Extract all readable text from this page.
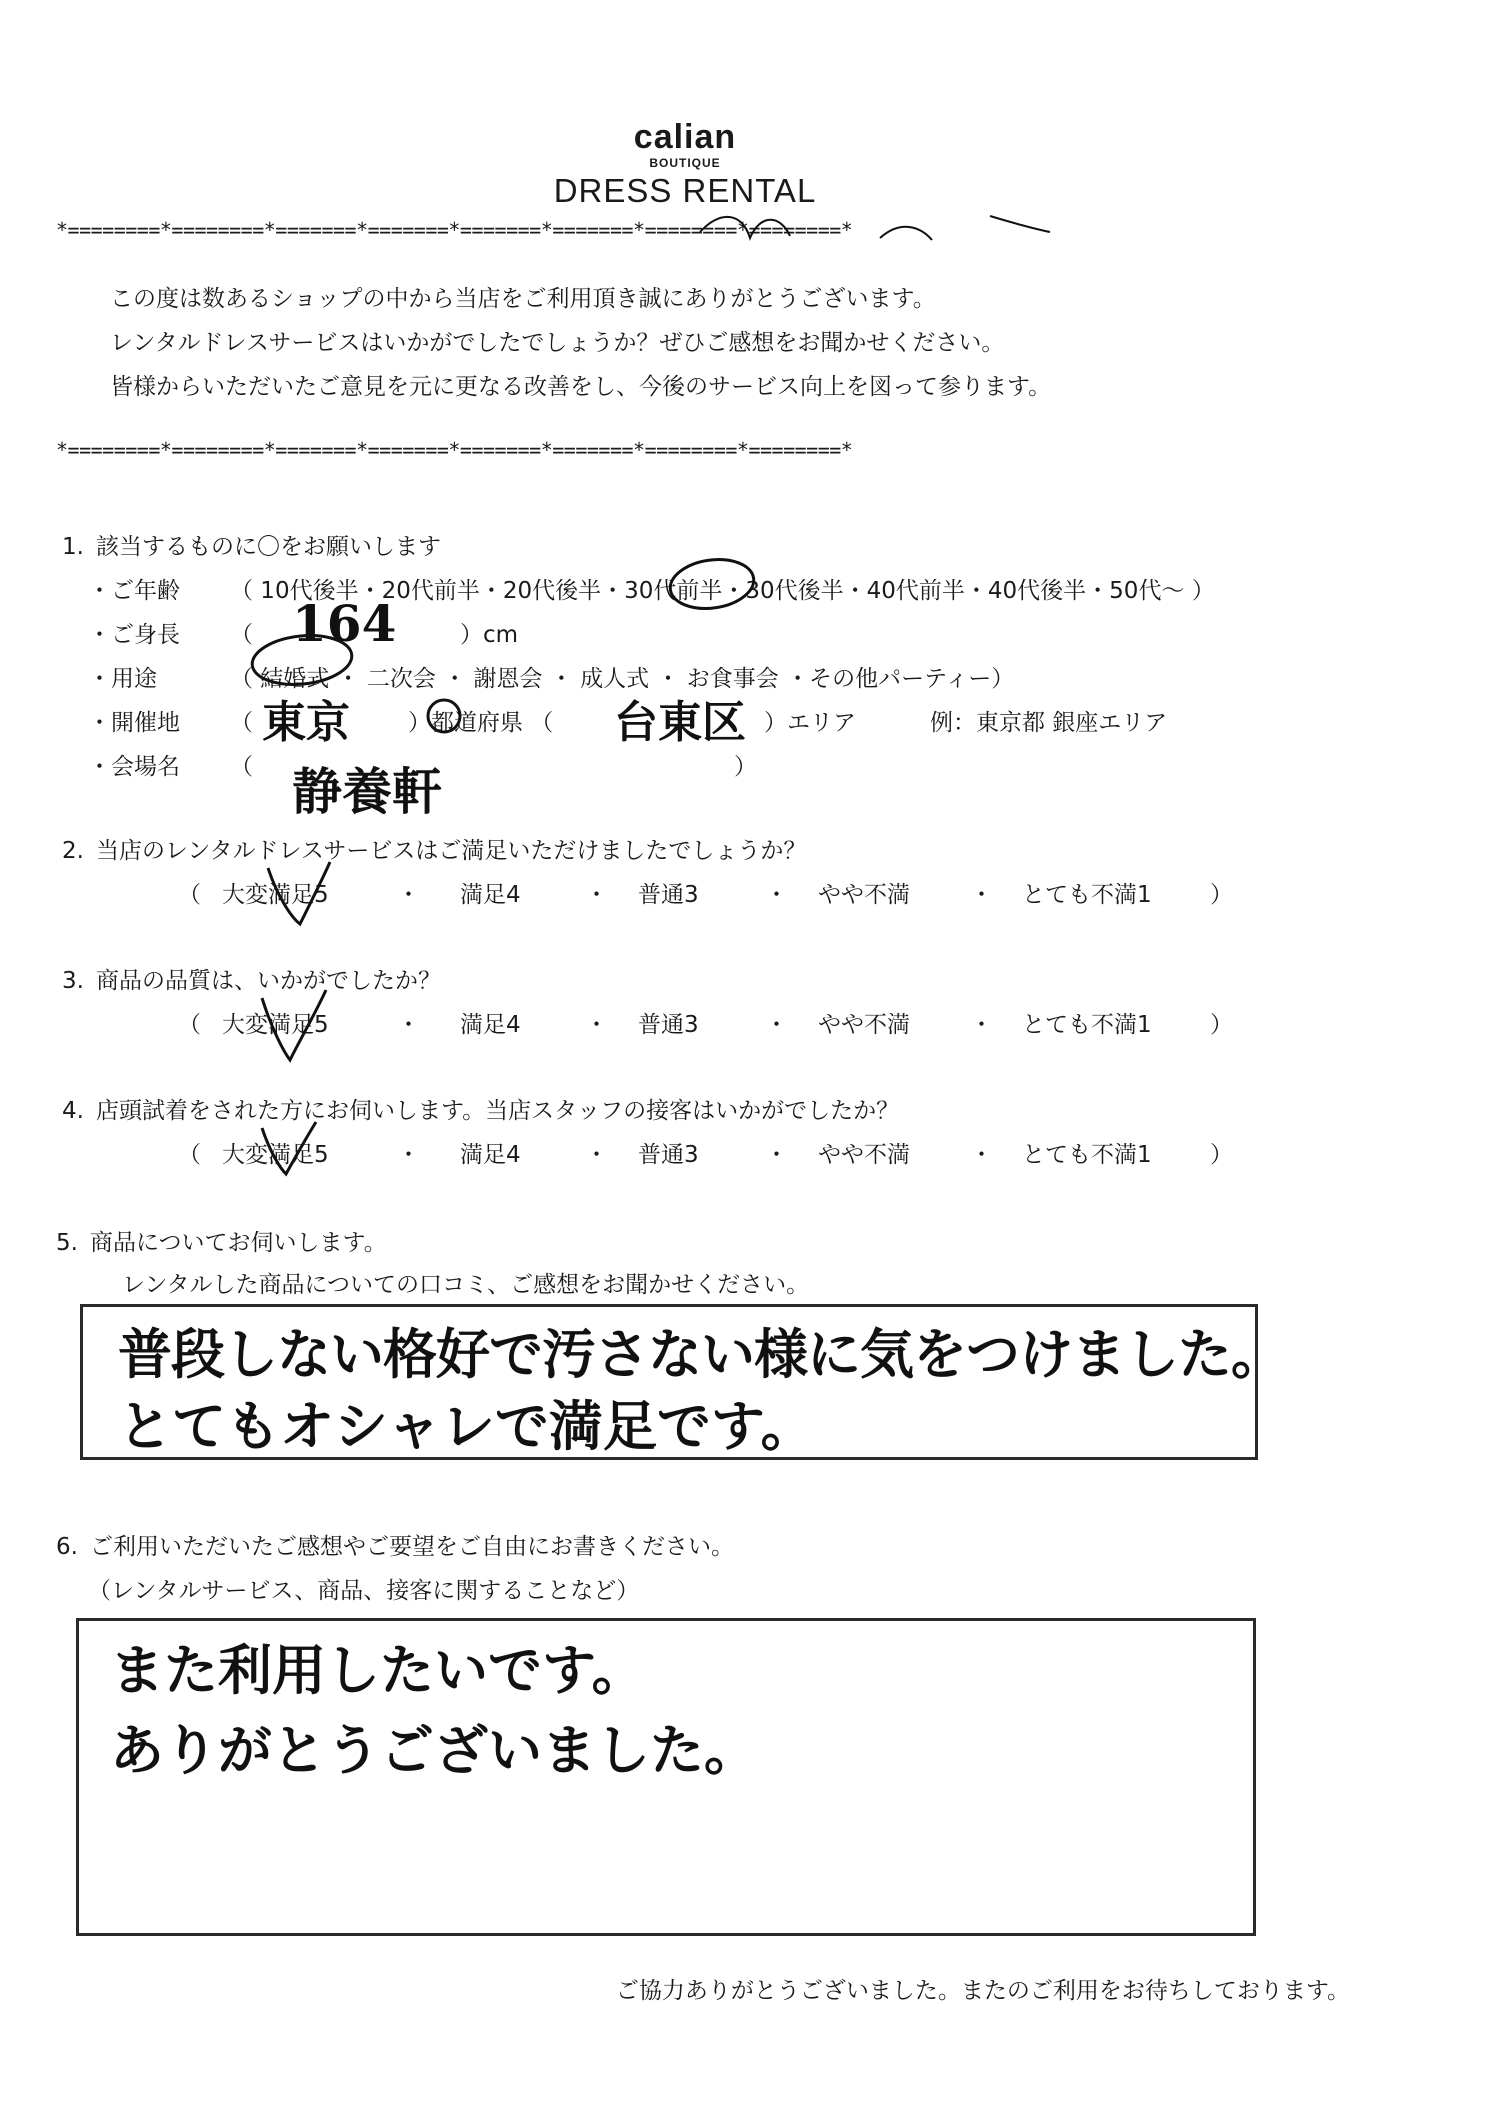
calian
BOUTIQUE
DRESS RENTAL
*========*========*=======*=======*=======*=======*========*========*
この度は数あるショップの中から当店をご利用頂き誠にありがとうございます。
レンタルドレスサービスはいかがでしたでしょうか？ぜひご感想をお聞かせください。
皆様からいただいたご意見を元に更なる改善をし、今後のサービス向上を図って参ります。
*========*========*=======*=======*=======*=======*========*========*
1. 該当するものに〇をお願いします
・ご年齢 （ 10代後半・20代前半・20代後半・30代前半・30代後半・40代前半・40代後半・50代～ ）
・ご身長 （ 164	）cm
・用途	（ 結婚式 ・ 二次会 ・ 謝恩会 ・ 成人式 ・ お食事会 ・その他パーティー）
・開催地 （ 東京	）都道府県 （ 台東区 ）エリア	例：東京都 銀座エリア
・会場名 （ 静養軒	）
2. 当店のレンタルドレスサービスはご満足いただけましたでしょうか？
（ 大変満足5	・ 満足4	・ 普通3	・ やや不満	・ とても不満1	）
3. 商品の品質は、いかがでしたか？
（ 大変満足5	・ 満足4	・ 普通3	・ やや不満	・ とても不満1	）
4. 店頭試着をされた方にお伺いします。当店スタッフの接客はいかがでしたか？
（ 大変満足5	・ 満足4	・ 普通3	・ やや不満	・ とても不満1	）
5. 商品についてお伺いします。
レンタルした商品についての口コミ、ご感想をお聞かせください。
普段しない格好で汚さない様に気をつけました。
とてもオシャレで満足です。
6. ご利用いただいたご感想やご要望をご自由にお書きください。
（レンタルサービス、商品、接客に関することなど）
また利用したいです。
ありがとうございました。
ご協力ありがとうございました。またのご利用をお待ちしております。
